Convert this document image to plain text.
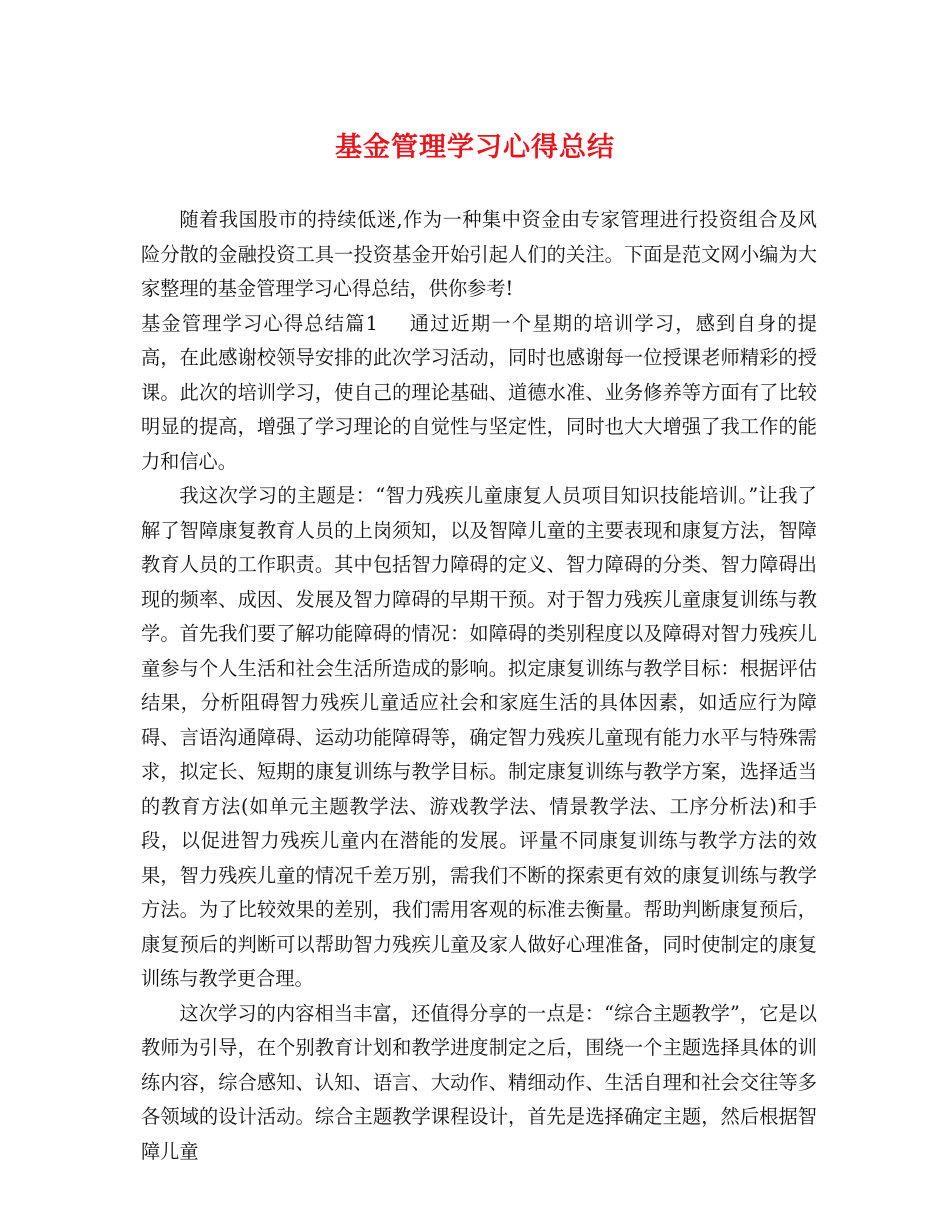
基金管理学习心得总结

随着我国股市的持续低迷,作为一种集中资金由专家管理进行投资组合及风险分散的金融投资工具一投资基金开始引起人们的关注。下面是范文网小编为大家整理的基金管理学习心得总结，供你参考!

基金管理学习心得总结篇1 通过近期一个星期的培训学习，感到自身的提高，在此感谢校领导安排的此次学习活动，同时也感谢每一位授课老师精彩的授课。此次的培训学习，使自己的理论基础、道德水准、业务修养等方面有了比较明显的提高，增强了学习理论的自觉性与坚定性，同时也大大增强了我工作的能力和信心。

我这次学习的主题是：“智力残疾儿童康复人员项目知识技能培训。”让我了解了智障康复教育人员的上岗须知，以及智障儿童的主要表现和康复方法，智障教育人员的工作职责。其中包括智力障碍的定义、智力障碍的分类、智力障碍出现的频率、成因、发展及智力障碍的早期干预。对于智力残疾儿童康复训练与教学。首先我们要了解功能障碍的情况：如障碍的类别程度以及障碍对智力残疾儿童参与个人生活和社会生活所造成的影响。拟定康复训练与教学目标：根据评估结果，分析阻碍智力残疾儿童适应社会和家庭生活的具体因素，如适应行为障碍、言语沟通障碍、运动功能障碍等，确定智力残疾儿童现有能力水平与特殊需求，拟定长、短期的康复训练与教学目标。制定康复训练与教学方案，选择适当的教育方法(如单元主题教学法、游戏教学法、情景教学法、工序分析法)和手段，以促进智力残疾儿童内在潜能的发展。评量不同康复训练与教学方法的效果，智力残疾儿童的情况千差万别，需我们不断的探索更有效的康复训练与教学方法。为了比较效果的差别，我们需用客观的标准去衡量。帮助判断康复预后，康复预后的判断可以帮助智力残疾儿童及家人做好心理准备，同时使制定的康复训练与教学更合理。

这次学习的内容相当丰富，还值得分享的一点是：“综合主题教学”，它是以教师为引导，在个别教育计划和教学进度制定之后，围绕一个主题选择具体的训练内容，综合感知、认知、语言、大动作、精细动作、生活自理和社会交往等多各领域的设计活动。综合主题教学课程设计，首先是选择确定主题，然后根据智障儿童
